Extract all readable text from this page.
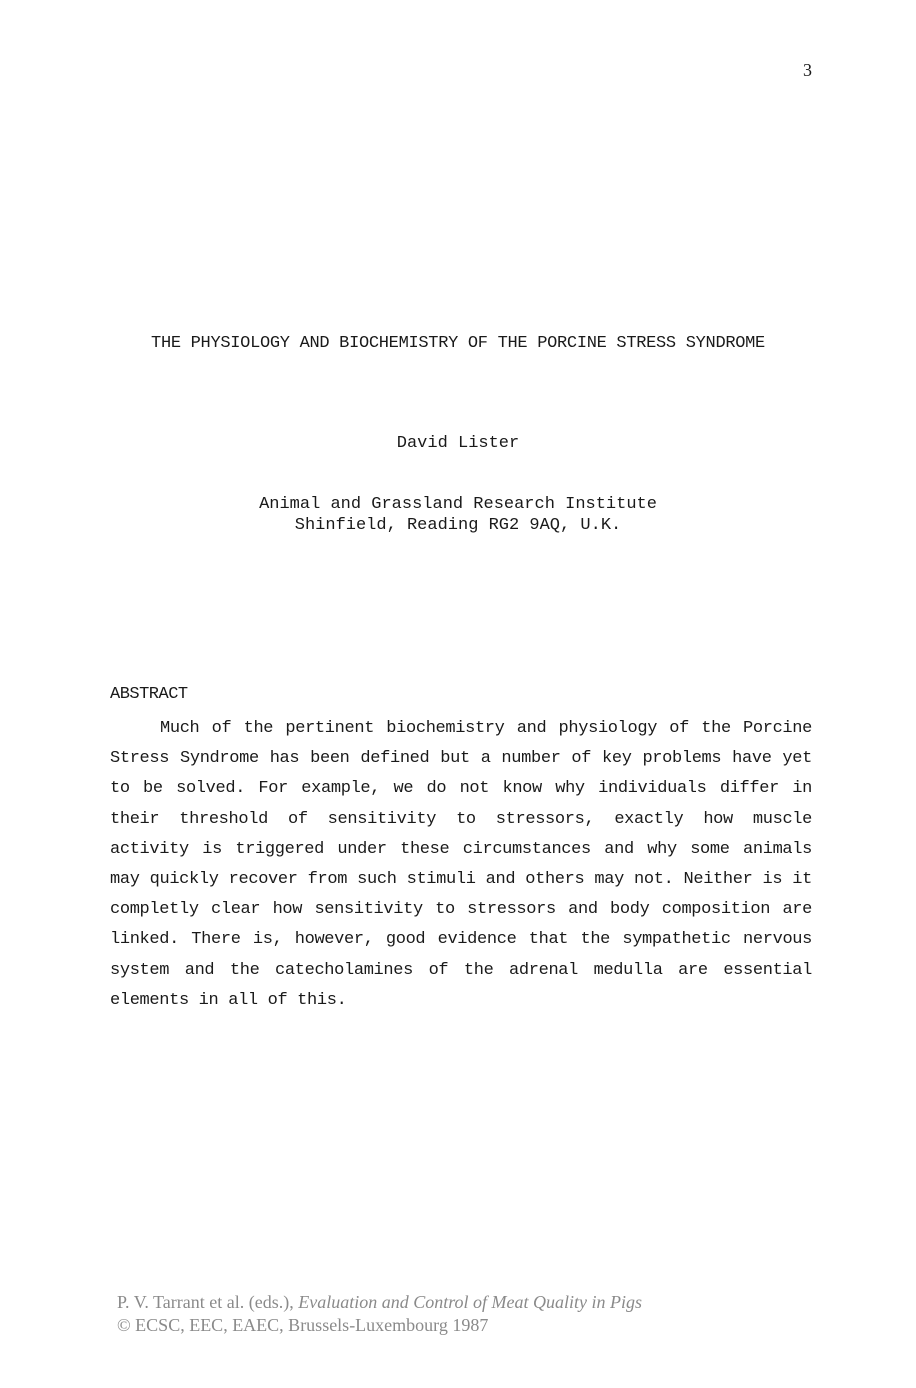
3
THE PHYSIOLOGY AND BIOCHEMISTRY OF THE PORCINE STRESS SYNDROME
David Lister
Animal and Grassland Research Institute
Shinfield, Reading RG2 9AQ, U.K.
ABSTRACT

Much of the pertinent biochemistry and physiology of the Porcine Stress Syndrome has been defined but a number of key problems have yet to be solved. For example, we do not know why individuals differ in their threshold of sensitivity to stressors, exactly how muscle activity is triggered under these circumstances and why some animals may quickly recover from such stimuli and others may not. Neither is it completly clear how sensitivity to stressors and body composition are linked. There is, however, good evidence that the sympathetic nervous system and the catecholamines of the adrenal medulla are essential elements in all of this.

P. V. Tarrant et al. (eds.), Evaluation and Control of Meat Quality in Pigs
© ECSC, EEC, EAEC, Brussels-Luxembourg 1987
